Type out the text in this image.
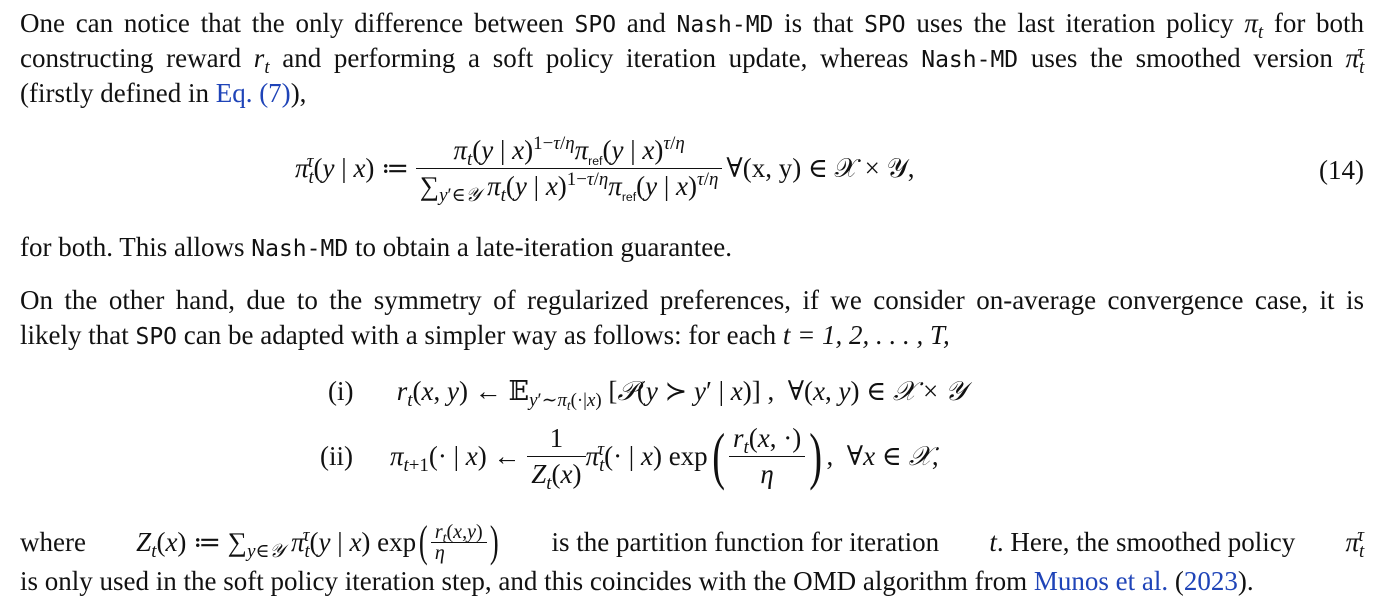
One can notice that the only difference between SPO and Nash-MD is that SPO uses the last iteration policy $\pi_t$ for both
constructing reward $r_t$ and performing a soft policy iteration update, whereas Nash-MD uses the smoothed version $\pi_t^\tau$
(firstly defined in Eq. (7)),
$\pi_t^\tau(y$ | x) ≔ $\frac{\pi_t(y | x)^{1-\tau/\eta}\pi_{ref}(y | x)^{\tau/\eta}}{\sum_{y'\in 𝒴} \pi_t(y | x)^{1-\tau/\eta}\pi_{ref}(y | x)^{\tau/\eta}}$ ∀(x, y) ∈ 𝒳 × 𝒴,	(14)
for both. This allows Nash-MD to obtain a late-iteration guarantee.
On the other hand, due to the symmetry of regularized preferences, if we consider on-average convergence case, it is
likely that SPO can be adapted with a simpler way as follows: for each t = 1, 2, . . . , T,
(i) $r_t(x$, y) ← 𝔼$_{y'\sim\pi_t(\cdot|x)}$ [𝒫(y ≻ y′ | x)] ,  ∀(x, y) ∈ 𝒳 × 𝒴
(ii)	$\pi_{t+1}(\cdot$ | x) ← $\frac{1}{Z_t(x)} \pi_t^\tau(\cdot$ | x) exp ( $\frac{r_t(x, \cdot)}{\eta}$ ) ,  ∀x ∈ 𝒳,
where $Z_t(x)$ ≔ $\sum_{y\in 𝒴}$ $\pi_t^\tau(y$ | x) exp ( $\frac{r_t(x,y)}{\eta}$ ) is the partition function for iteration t. Here, the smoothed policy $\pi_t^\tau$
is only used in the soft policy iteration step, and this coincides with the OMD algorithm from Munos et al. (2023).
